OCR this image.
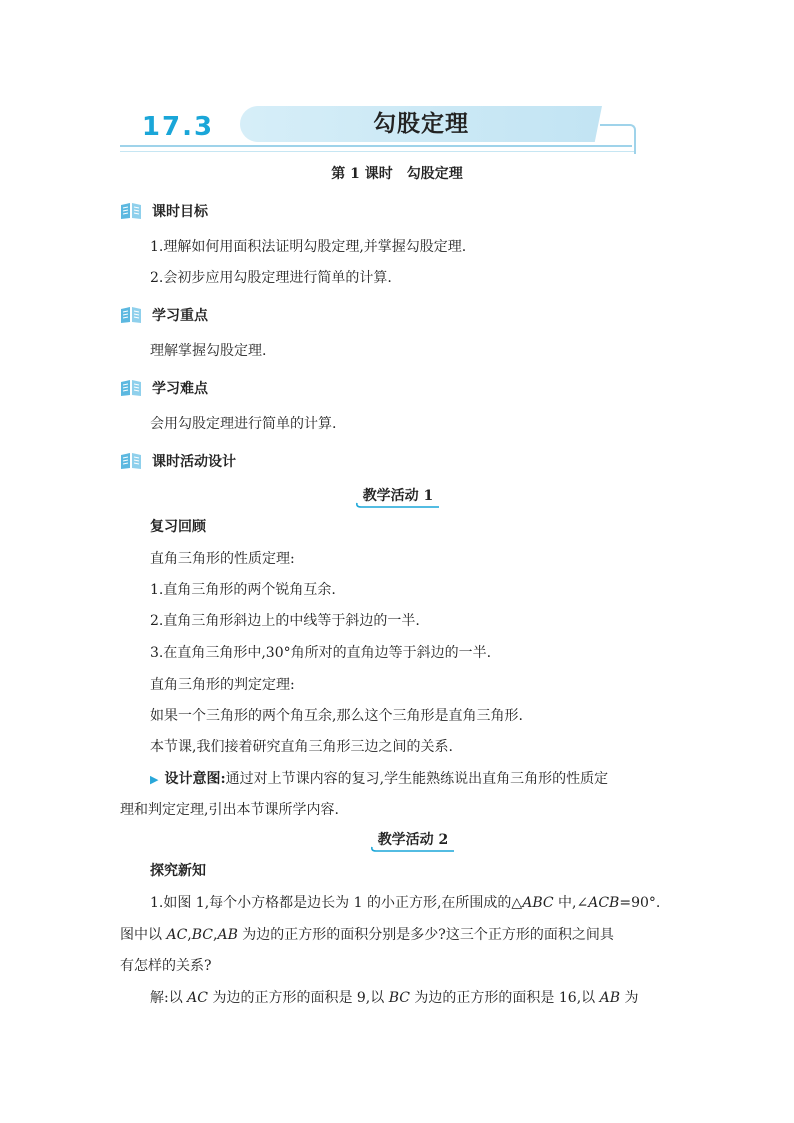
17.3	勾股定理
第 1 课时　勾股定理
课时目标
1.理解如何用面积法证明勾股定理,并掌握勾股定理.
2.会初步应用勾股定理进行简单的计算.
学习重点
理解掌握勾股定理.
学习难点
会用勾股定理进行简单的计算.
课时活动设计
教学活动 1
复习回顾
直角三角形的性质定理:
1.直角三角形的两个锐角互余.
2.直角三角形斜边上的中线等于斜边的一半.
3.在直角三角形中,30°角所对的直角边等于斜边的一半.
直角三角形的判定定理:
如果一个三角形的两个角互余,那么这个三角形是直角三角形.
本节课,我们接着研究直角三角形三边之间的关系.
▶ 设计意图:通过对上节课内容的复习,学生能熟练说出直角三角形的性质定
理和判定定理,引出本节课所学内容.
教学活动 2
探究新知
1.如图 1,每个小方格都是边长为 1 的小正方形,在所围成的△ABC 中,∠ACB=90°.
图中以 AC,BC,AB 为边的正方形的面积分别是多少?这三个正方形的面积之间具
有怎样的关系?
解:以 AC 为边的正方形的面积是 9,以 BC 为边的正方形的面积是 16,以 AB 为
